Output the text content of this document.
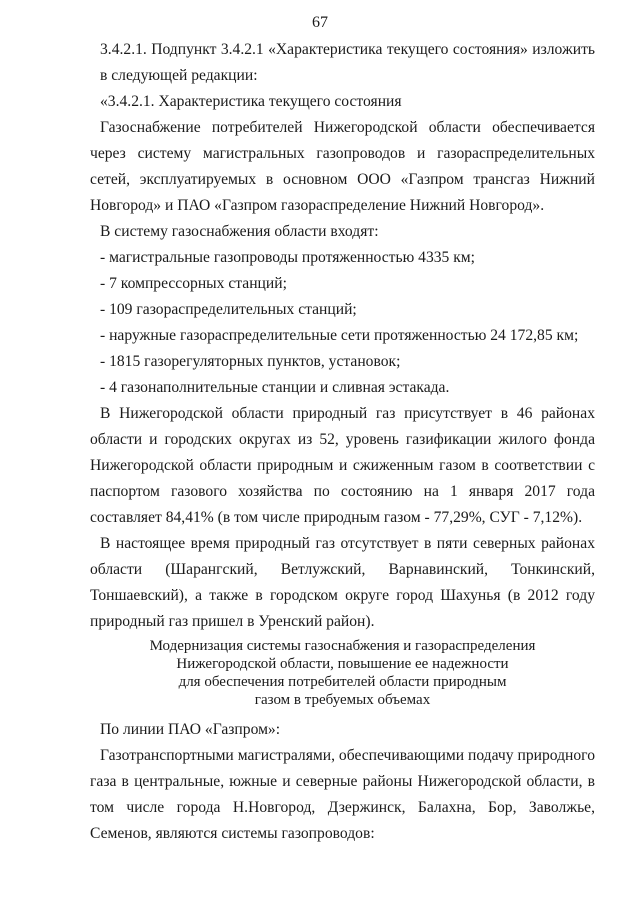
67

3.4.2.1. Подпункт 3.4.2.1 «Характеристика текущего состояния» изложить в следующей редакции:

«3.4.2.1. Характеристика текущего состояния

Газоснабжение потребителей Нижегородской области обеспечивается через систему магистральных газопроводов и газораспределительных сетей, эксплуатируемых в основном ООО «Газпром трансгаз Нижний Новгород» и ПАО «Газпром газораспределение Нижний Новгород».

В систему газоснабжения области входят:

- магистральные газопроводы протяженностью 4335 км;

- 7 компрессорных станций;

- 109 газораспределительных станций;

- наружные газораспределительные сети протяженностью 24 172,85 км;

- 1815 газорегуляторных пунктов, установок;

- 4 газонаполнительные станции и сливная эстакада.

В Нижегородской области природный газ присутствует в 46 районах области и городских округах из 52, уровень газификации жилого фонда Нижегородской области природным и сжиженным газом в соответствии с паспортом газового хозяйства по состоянию на 1 января 2017 года составляет 84,41% (в том числе природным газом - 77,29%, СУГ - 7,12%).

В настоящее время природный газ отсутствует в пяти северных районах области (Шарангский, Ветлужский, Варнавинский, Тонкинский, Тоншаевский), а также в городском округе город Шахунья (в 2012 году природный газ пришел в Уренский район).

Модернизация системы газоснабжения и газораспределения
Нижегородской области, повышение ее надежности
для обеспечения потребителей области природным
газом в требуемых объемах

По линии ПАО «Газпром»:

Газотранспортными магистралями, обеспечивающими подачу природного газа в центральные, южные и северные районы Нижегородской области, в том числе города Н.Новгород, Дзержинск, Балахна, Бор, Заволжье, Семенов, являются системы газопроводов:
